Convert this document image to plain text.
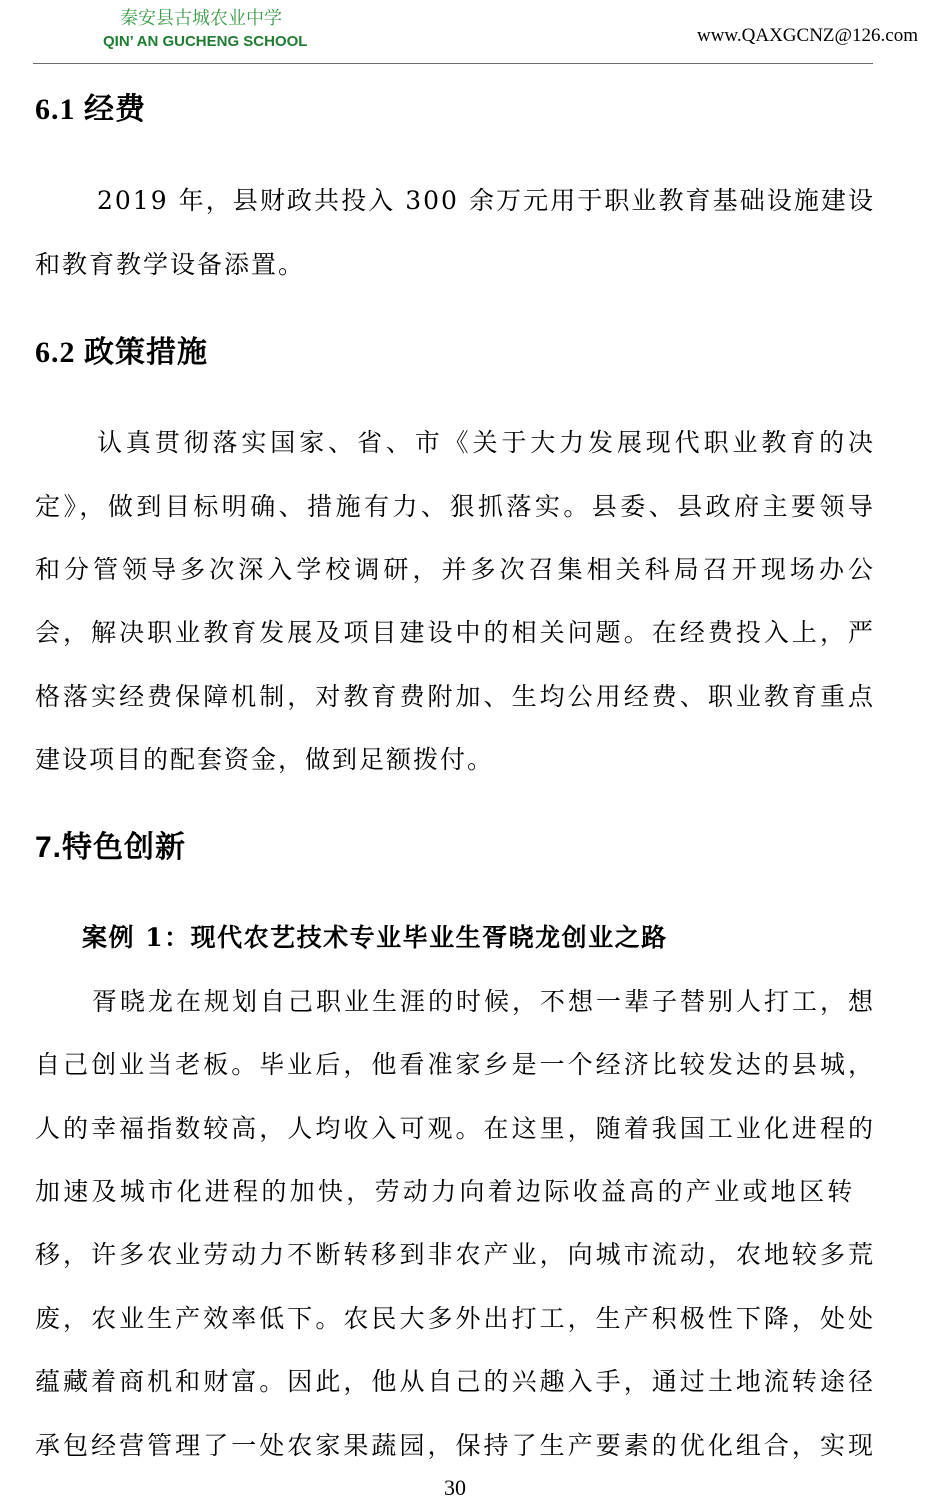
秦安县古城农业中学
QIN’ AN GUCHENG SCHOOL	www.QAXGCNZ@126.com
6.1 经费
2019 年，县财政共投入 300 余万元用于职业教育基础设施建设
和教育教学设备添置。
6.2 政策措施
认真贯彻落实国家、省、市《关于大力发展现代职业教育的决
定》，做到目标明确、措施有力、狠抓落实。县委、县政府主要领导
和分管领导多次深入学校调研，并多次召集相关科局召开现场办公
会，解决职业教育发展及项目建设中的相关问题。在经费投入上，严
格落实经费保障机制，对教育费附加、生均公用经费、职业教育重点
建设项目的配套资金，做到足额拨付。
7.特色创新
案例 1：现代农艺技术专业毕业生胥晓龙创业之路
胥晓龙在规划自己职业生涯的时候，不想一辈子替别人打工，想
自己创业当老板。毕业后，他看准家乡是一个经济比较发达的县城，
人的幸福指数较高，人均收入可观。在这里，随着我国工业化进程的
加速及城市化进程的加快，劳动力向着边际收益高的产业或地区转
移，许多农业劳动力不断转移到非农产业，向城市流动，农地较多荒
废，农业生产效率低下。农民大多外出打工，生产积极性下降，处处
蕴藏着商机和财富。因此，他从自己的兴趣入手，通过土地流转途径
承包经营管理了一处农家果蔬园，保持了生产要素的优化组合，实现
30
